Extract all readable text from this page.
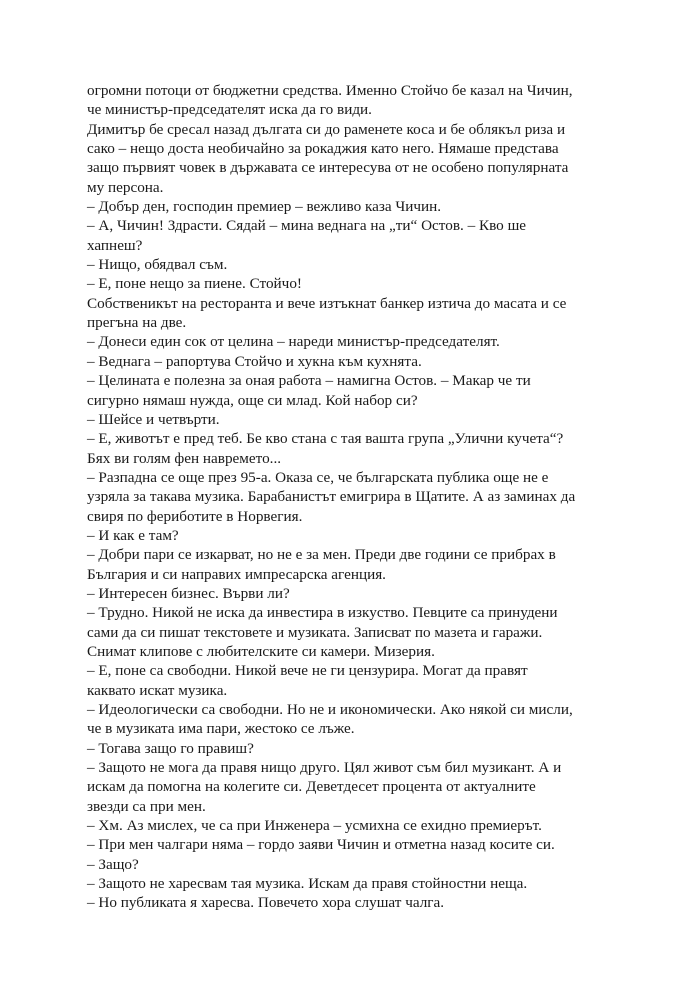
огромни потоци от бюджетни средства. Именно Стойчо бе казал на Чичин,
че министър-председателят иска да го види.
Димитър бе сресал назад дългата си до раменете коса и бе облякъл риза и
сако – нещо доста необичайно за рокаджия като него. Нямаше представа
защо първият човек в държавата се интересува от не особено популярната
му персона.
– Добър ден, господин премиер – вежливо каза Чичин.
– А, Чичин! Здрасти. Сядай – мина веднага на „ти“ Остов. – Кво ше
хапнеш?
– Нищо, обядвал съм.
– Е, поне нещо за пиене. Стойчо!
Собственикът на ресторанта и вече изтъкнат банкер изтича до масата и се
прегъна на две.
– Донеси един сок от целина – нареди министър-председателят.
– Веднага – рапортува Стойчо и хукна към кухнята.
– Целината е полезна за оная работа – намигна Остов. – Макар че ти
сигурно нямаш нужда, още си млад. Кой набор си?
– Шейсе и четвърти.
– Е, животът е пред теб. Бе кво стана с тая вашта група „Улични кучета“?
Бях ви голям фен навремето...
– Разпадна се още през 95-а. Оказа се, че българската публика още не е
узряла за такава музика. Барабанистът емигрира в Щатите. А аз заминах да
свиря по фериботите в Норвегия.
– И как е там?
– Добри пари се изкарват, но не е за мен. Преди две години се прибрах в
България и си направих импресарска агенция.
– Интересен бизнес. Върви ли?
– Трудно. Никой не иска да инвестира в изкуство. Певците са принудени
сами да си пишат текстовете и музиката. Записват по мазета и гаражи.
Снимат клипове с любителските си камери. Мизерия.
– Е, поне са свободни. Никой вече не ги цензурира. Могат да правят
каквато искат музика.
– Идеологически са свободни. Но не и икономически. Ако някой си мисли,
че в музиката има пари, жестоко се лъже.
– Тогава защо го правиш?
– Защото не мога да правя нищо друго. Цял живот съм бил музикант. А и
искам да помогна на колегите си. Деветдесет процента от актуалните
звезди са при мен.
– Хм. Аз мислех, че са при Инженера – усмихна се ехидно премиерът.
– При мен чалгари няма – гордо заяви Чичин и отметна назад косите си.
– Защо?
– Защото не харесвам тая музика. Искам да правя стойностни неща.
– Но публиката я харесва. Повечето хора слушат чалга.
